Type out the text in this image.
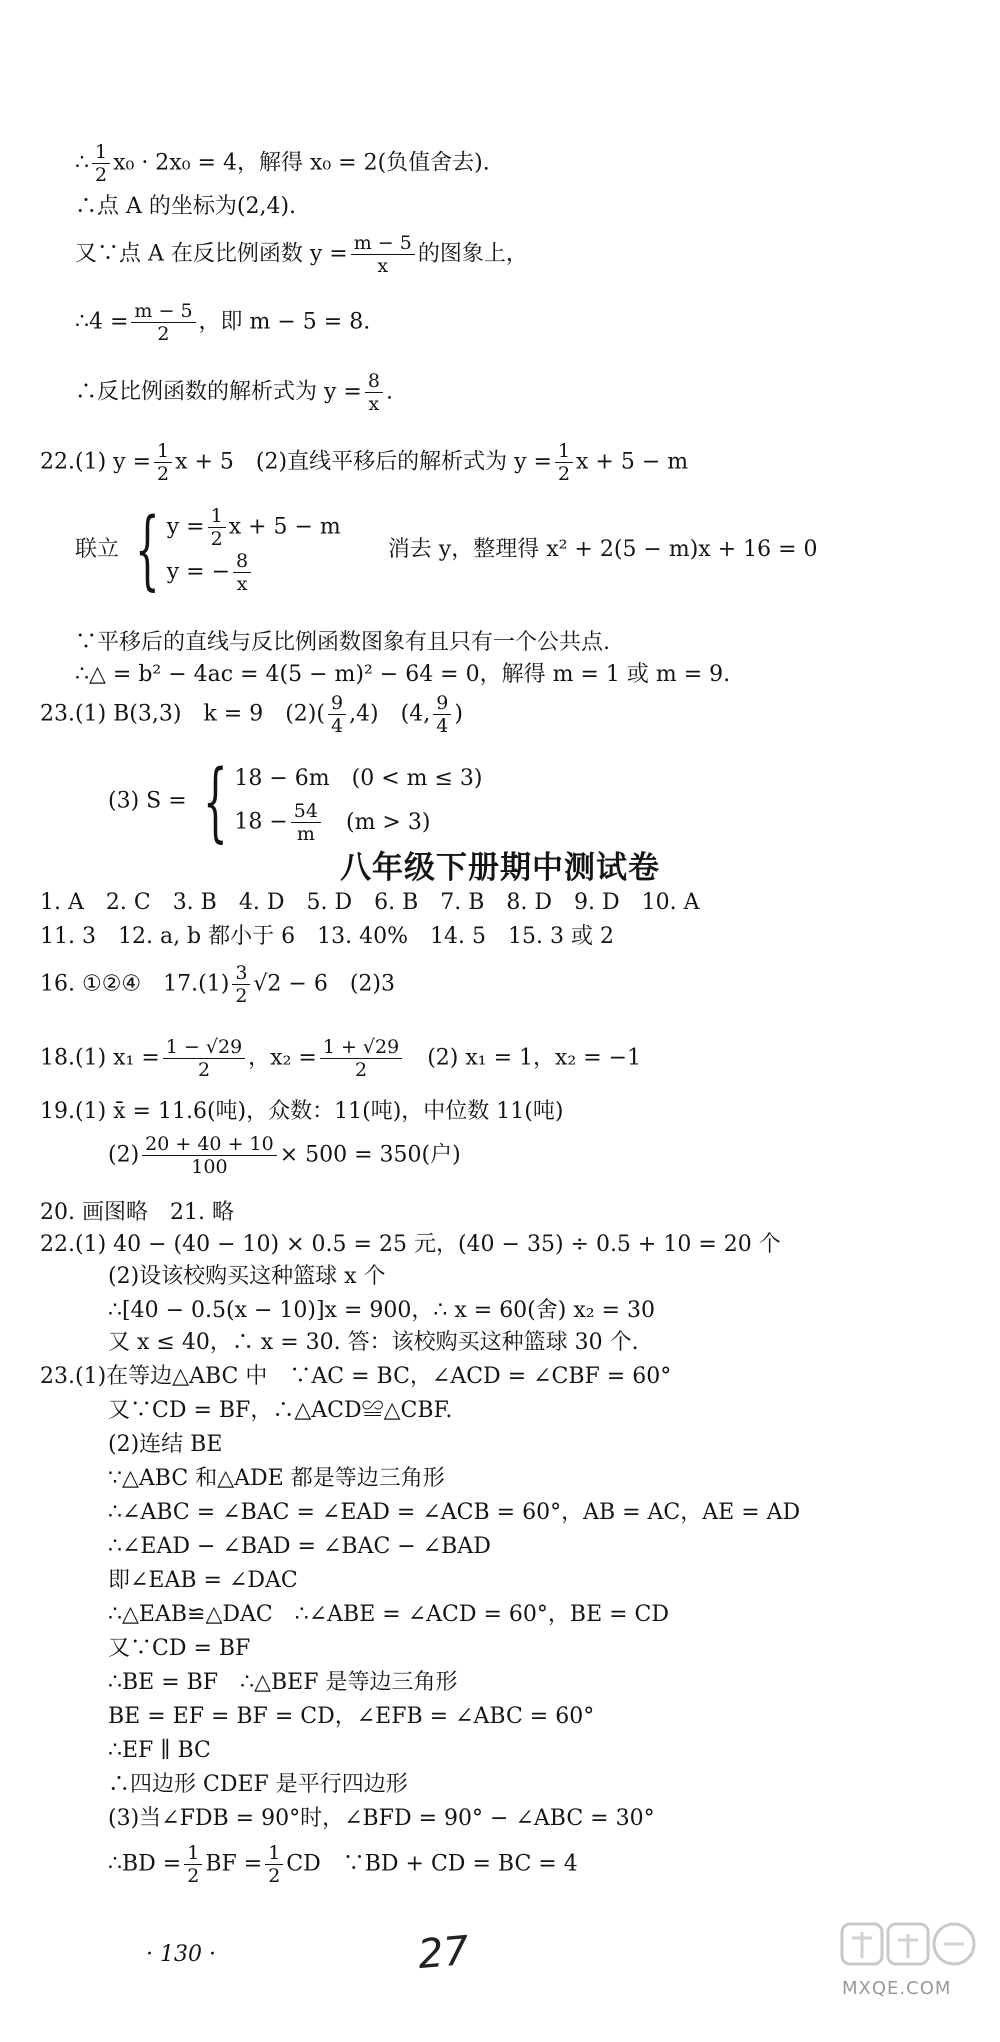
∴ $\frac{1}{2} x_0 \cdot 2x_0 = 4$，解得 x₀ = 2(负值舍去).
∴点 A 的坐标为(2,4).
又∵点 A 在反比例函数 $y = \frac{m - 5}{x}$ 的图象上，
∴4 = $\frac{m - 5}{2}$ ，即 m − 5 = 8.
∴反比例函数的解析式为 $y = \frac{8}{x}$ .
22.(1) $y = \frac{1}{2}$ x + 5　(2)直线平移后的解析式为 $y = \frac{1}{2}$ x + 5 − m
联立 { $y = \frac{1}{2}$ x + 5 − m
y = − $\frac{8}{x}$
消去 y，整理得 x² + 2(5 − m)x + 16 = 0
∵平移后的直线与反比例函数图象有且只有一个公共点.
∴△ = b² − 4ac = 4(5 − m)² − 64 = 0，解得 m = 1 或 m = 9.
23.(1) B(3,3)　k = 9　$(2)( \frac{9}{4} ,4)$　(4, $\frac{9}{4}$ )
(3) S = { 18 − 6m　(0 < m ≤ 3)
$18 - \frac{54}{m} (m > 3)$
八年级下册期中测试卷
1. A　2. C　3. B　4. D　5. D　6. B　7. B　8. D　9. D　10. A
11. 3　12. a, b 都小于 6　13. 40%　14. 5　15. 3 或 2
16. ①②④　$17.(1) \frac{3}{2} √2 - 6$　(2)3
18.(1) $x_1 = \frac{1 - √29}{2}$ ，$x_2 = \frac{1 + √29}{2}$ 　(2) x₁ = 1，x₂ = −1
19.(1) x̄ = 11.6(吨)，众数：11(吨)，中位数 11(吨)
$(2) \frac{20 + 40 + 10}{100} \times 500 = 350$(户)
20. 画图略　21. 略
22.(1) 40 − (40 − 10) × 0.5 = 25 元，(40 − 35) ÷ 0.5 + 10 = 20 个
(2)设该校购买这种篮球 x 个
∴[40 − 0.5(x − 10)]x = 900，∴ x = 60(舍) x₂ = 30
又 x ≤ 40，∴ x = 30. 答：该校购买这种篮球 30 个.
23.(1)在等边△ABC 中　∵AC = BC，∠ACD = ∠CBF = 60°
又∵CD = BF，∴△ACD≌△CBF.
(2)连结 BE
∵△ABC 和△ADE 都是等边三角形
∴∠ABC = ∠BAC = ∠EAD = ∠ACB = 60°，AB = AC，AE = AD
∴∠EAD − ∠BAD = ∠BAC − ∠BAD
即∠EAB = ∠DAC
∴△EAB≌△DAC　∴∠ABE = ∠ACD = 60°，BE = CD
又∵CD = BF
∴BE = BF　∴△BEF 是等边三角形
BE = EF = BF = CD，∠EFB = ∠ABC = 60°
∴EF ∥ BC
∴四边形 CDEF 是平行四边形
(3)当∠FDB = 90°时，∠BFD = 90° − ∠ABC = 30°
∴BD = $\frac{1}{2}$ BF = $\frac{1}{2}$ CD　∵BD + CD = BC = 4
· 130 ·	27
MXQE.COM
